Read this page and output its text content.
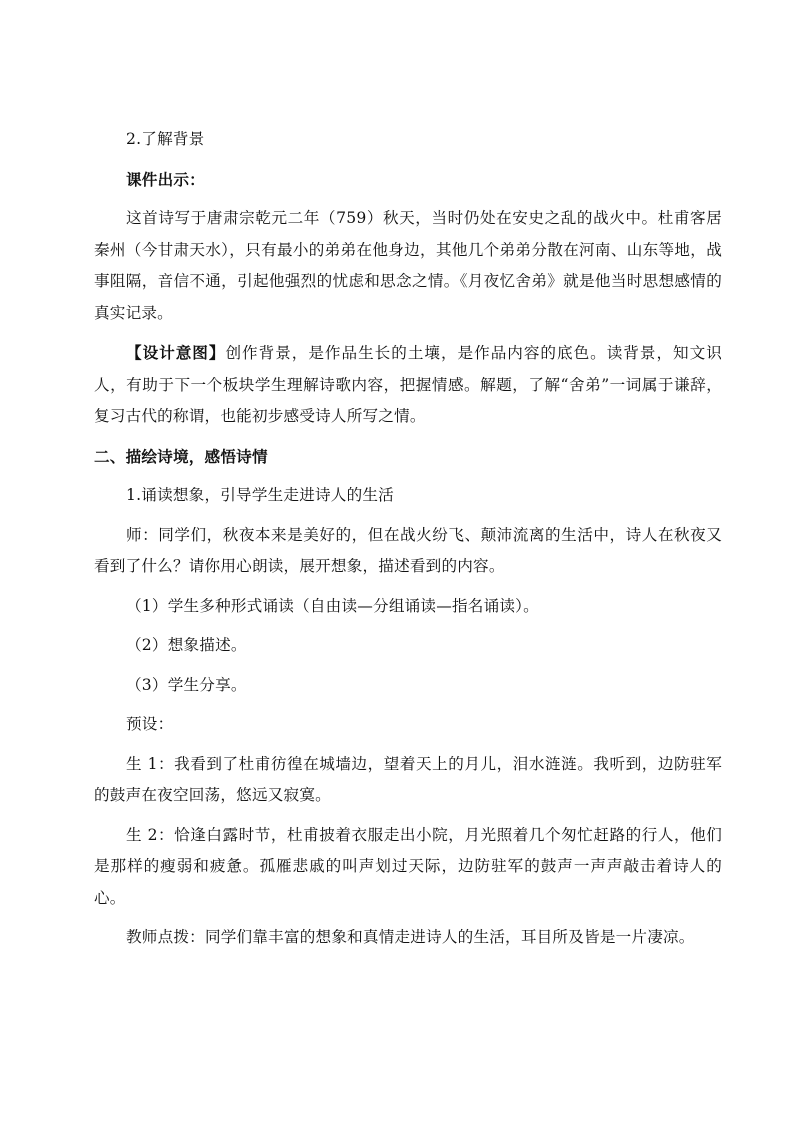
2.了解背景

课件出示：

这首诗写于唐肃宗乾元二年（759）秋天，当时仍处在安史之乱的战火中。杜甫客居秦州（今甘肃天水），只有最小的弟弟在他身边，其他几个弟弟分散在河南、山东等地，战事阻隔，音信不通，引起他强烈的忧虑和思念之情。《月夜忆舍弟》就是他当时思想感情的真实记录。

【设计意图】创作背景，是作品生长的土壤，是作品内容的底色。读背景，知文识人，有助于下一个板块学生理解诗歌内容，把握情感。解题，了解“舍弟”一词属于谦辞，复习古代的称谓，也能初步感受诗人所写之情。

二、描绘诗境，感悟诗情

1.诵读想象，引导学生走进诗人的生活

师：同学们，秋夜本来是美好的，但在战火纷飞、颠沛流离的生活中，诗人在秋夜又看到了什么？请你用心朗读，展开想象，描述看到的内容。

（1）学生多种形式诵读（自由读—分组诵读—指名诵读）。

（2）想象描述。

（3）学生分享。

预设：

生 1：我看到了杜甫彷徨在城墙边，望着天上的月儿，泪水涟涟。我听到，边防驻军的鼓声在夜空回荡，悠远又寂寞。

生 2：恰逢白露时节，杜甫披着衣服走出小院，月光照着几个匆忙赶路的行人，他们是那样的瘦弱和疲惫。孤雁悲戚的叫声划过天际，边防驻军的鼓声一声声敲击着诗人的心。

教师点拨：同学们靠丰富的想象和真情走进诗人的生活，耳目所及皆是一片凄凉。
